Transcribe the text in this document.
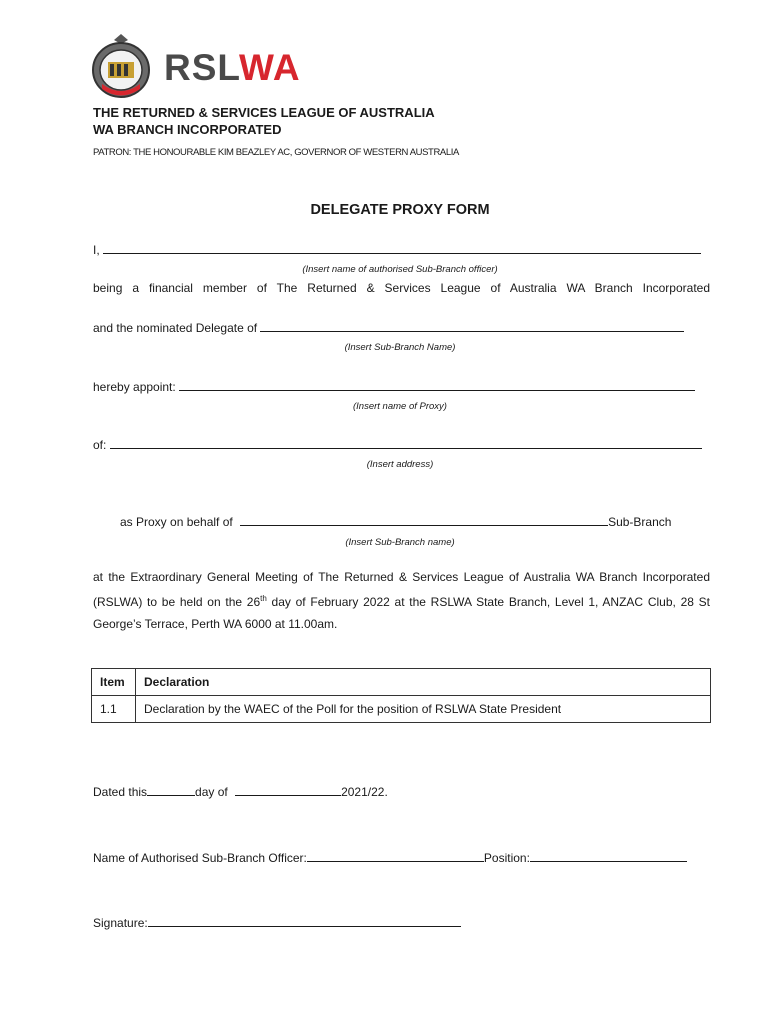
RSLWA
THE RETURNED & SERVICES LEAGUE OF AUSTRALIA
WA BRANCH INCORPORATED
PATRON: THE HONOURABLE KIM BEAZLEY AC, GOVERNOR OF WESTERN AUSTRALIA
DELEGATE PROXY FORM
I,
(Insert name of authorised Sub-Branch officer)
being a financial member of The Returned & Services League of Australia WA Branch Incorporated
and the nominated Delegate of
(Insert Sub-Branch Name)
hereby appoint:
(Insert name of Proxy)
of:
(Insert address)
as Proxy on behalf of	Sub-Branch
(Insert Sub-Branch name)
at the Extraordinary General Meeting of The Returned & Services League of Australia WA Branch Incorporated (RSLWA) to be held on the 26th day of February 2022 at the RSLWA State Branch, Level 1, ANZAC Club, 28 St George’s Terrace, Perth WA 6000 at 11.00am.
Item	Declaration
1.1	Declaration by the WAEC of the Poll for the position of RSLWA State President
Dated this	day of	2021/22.
Name of Authorised Sub-Branch Officer:	Position:
Signature:
